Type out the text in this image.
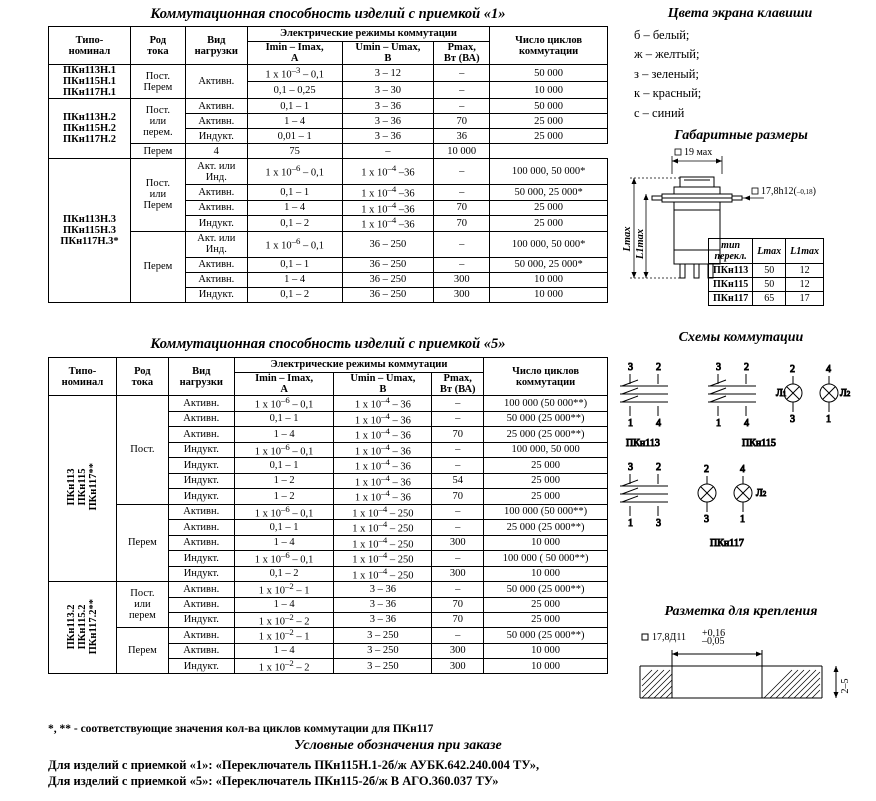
Коммутационная способность изделий с приемкой «1»
Типо-
номинал	Род
тока	Вид
нагрузки	Электрические режимы коммутации			Число циклов
коммутации
			Imin – Imax,
А	Umin – Umax,
В	Pmax,
Вт (ВА)	
ПКн113Н.1
ПКн115Н.1
ПКн117Н.1	Пост.
Перем	Активн.	1 х $10^{-3} - 0,1$	3 – 12	–	50 000
			0,1 – 0,25	3 – 30	–	10 000
ПКн113Н.2
ПКн115Н.2
ПКн117Н.2	Пост.
или
перем.	Активн.	0,1 – 1	3 – 36	–	50 000
		Активн.	1 – 4	3 – 36	70	25 000
		Индукт.	0,01 – 1	3 – 36	36	25 000
	Перем	4	75	–	10 000	
ПКн113Н.3
ПКн115Н.3
ПКн117Н.3*	Пост.
или
Перем	Акт. или
Инд.	1 х $10^{-6} - 0,1$	1 х $10^{-4}$ –36	–	100 000, 50 000*
		Активн.	0,1 – 1	1 х $10^{-4}$ –36	–	50 000, 25 000*
		Активн.	1 – 4	1 х $10^{-4}$ –36	70	25 000
		Индукт.	0,1 – 2	1 х $10^{-4}$ –36	70	25 000
	Перем	Акт. или
Инд.	1 х $10^{-6} - 0,1$	36 – 250	–	100 000, 50 000*
		Активн.	0,1 – 1	36 – 250	–	50 000, 25 000*
		Активн.	1 – 4	36 – 250	300	10 000
		Индукт.	0,1 – 2	36 – 250	300	10 000
Коммутационная способность изделий с приемкой «5»
Типо-
номинал	Род
тока	Вид
нагрузки	Электрические режимы коммутации			Число циклов
коммутации
			Imin – Imax,
А	Umin – Umax,
В	Pmax,
Вт (ВА)	
ПКн113
ПКн115
ПКн117**	Пост.	Активн.	1 х $10^{-6} - 0,1$	1 х $10^{-4} - 36$	–	100 000 (50 000**)
		Активн.	0,1 – 1	1 х $10^{-4} - 36$	–	50 000 (25 000**)
		Активн.	1 – 4	1 х $10^{-4} - 36$	70	25 000 (25 000**)
		Индукт.	1 х $10^{-6} - 0,1$	1 х $10^{-4} - 36$	–	100 000, 50 000
		Индукт.	0,1 – 1	1 х $10^{-4} - 36$	–	25 000
		Индукт.	1 – 2	1 х $10^{-4} - 36$	54	25 000
		Индукт.	1 – 2	1 х $10^{-4} - 36$	70	25 000
	Перем	Активн.	1 х $10^{-6} - 0,1$	1 х $10^{-4} - 250$	–	100 000 (50 000**)
		Активн.	0,1 – 1	1 х $10^{-4} - 250$	–	25 000 (25 000**)
		Активн.	1 – 4	1 х $10^{-4} - 250$	300	10 000
		Индукт.	1 х $10^{-6} - 0,1$	1 х $10^{-4} - 250$	–	100 000 ( 50 000**)
		Индукт.	0,1 – 2	1 х $10^{-4} - 250$	300	10 000
ПКн113.2
ПКн115.2
ПКн117.2**	Пост.
или
перем	Активн.	1 х $10^{-2} - 1$	3 – 36	–	50 000 (25 000**)
		Активн.	1 – 4	3 – 36	70	25 000
		Индукт.	1 х $10^{-2} - 2$	3 – 36	70	25 000
	Перем	Активн.	1 х $10^{-2} - 1$	3 – 250	–	50 000 (25 000**)
		Активн.	1 – 4	3 – 250	300	10 000
		Индукт.	1 х $10^{-2} - 2$	3 – 250	300	10 000
Цвета экрана клавиши
б – белый;
ж – желтый;
з – зеленый;
к – красный;
с – синий
Габаритные размеры
19 мах
17,8h12(–0,18)
Lmax L1max	тип
перекл.	Lmax	L1max
ПКн113	50	12
ПКн115	50	12
ПКн117	65	17
Схемы коммутации
3 2
1 4
3 2
1 4
2	4
3	1
Л1	Л2
ПКн113	ПКн115
3 2
1 3
2	4
3	1
Л2
ПКн117
Разметка для крепления
17,8Д11 +0,16
–0,05
2–5
*, ** - соответствующие значения кол-ва циклов коммутации для ПКн117
Условные обозначения при заказе
Для изделий с приемкой «1»: «Переключатель ПКн115Н.1-2б/ж АУБК.642.240.004 ТУ»,
Для изделий с приемкой «5»: «Переключатель ПКн115-2б/ж В АГО.360.037 ТУ»
